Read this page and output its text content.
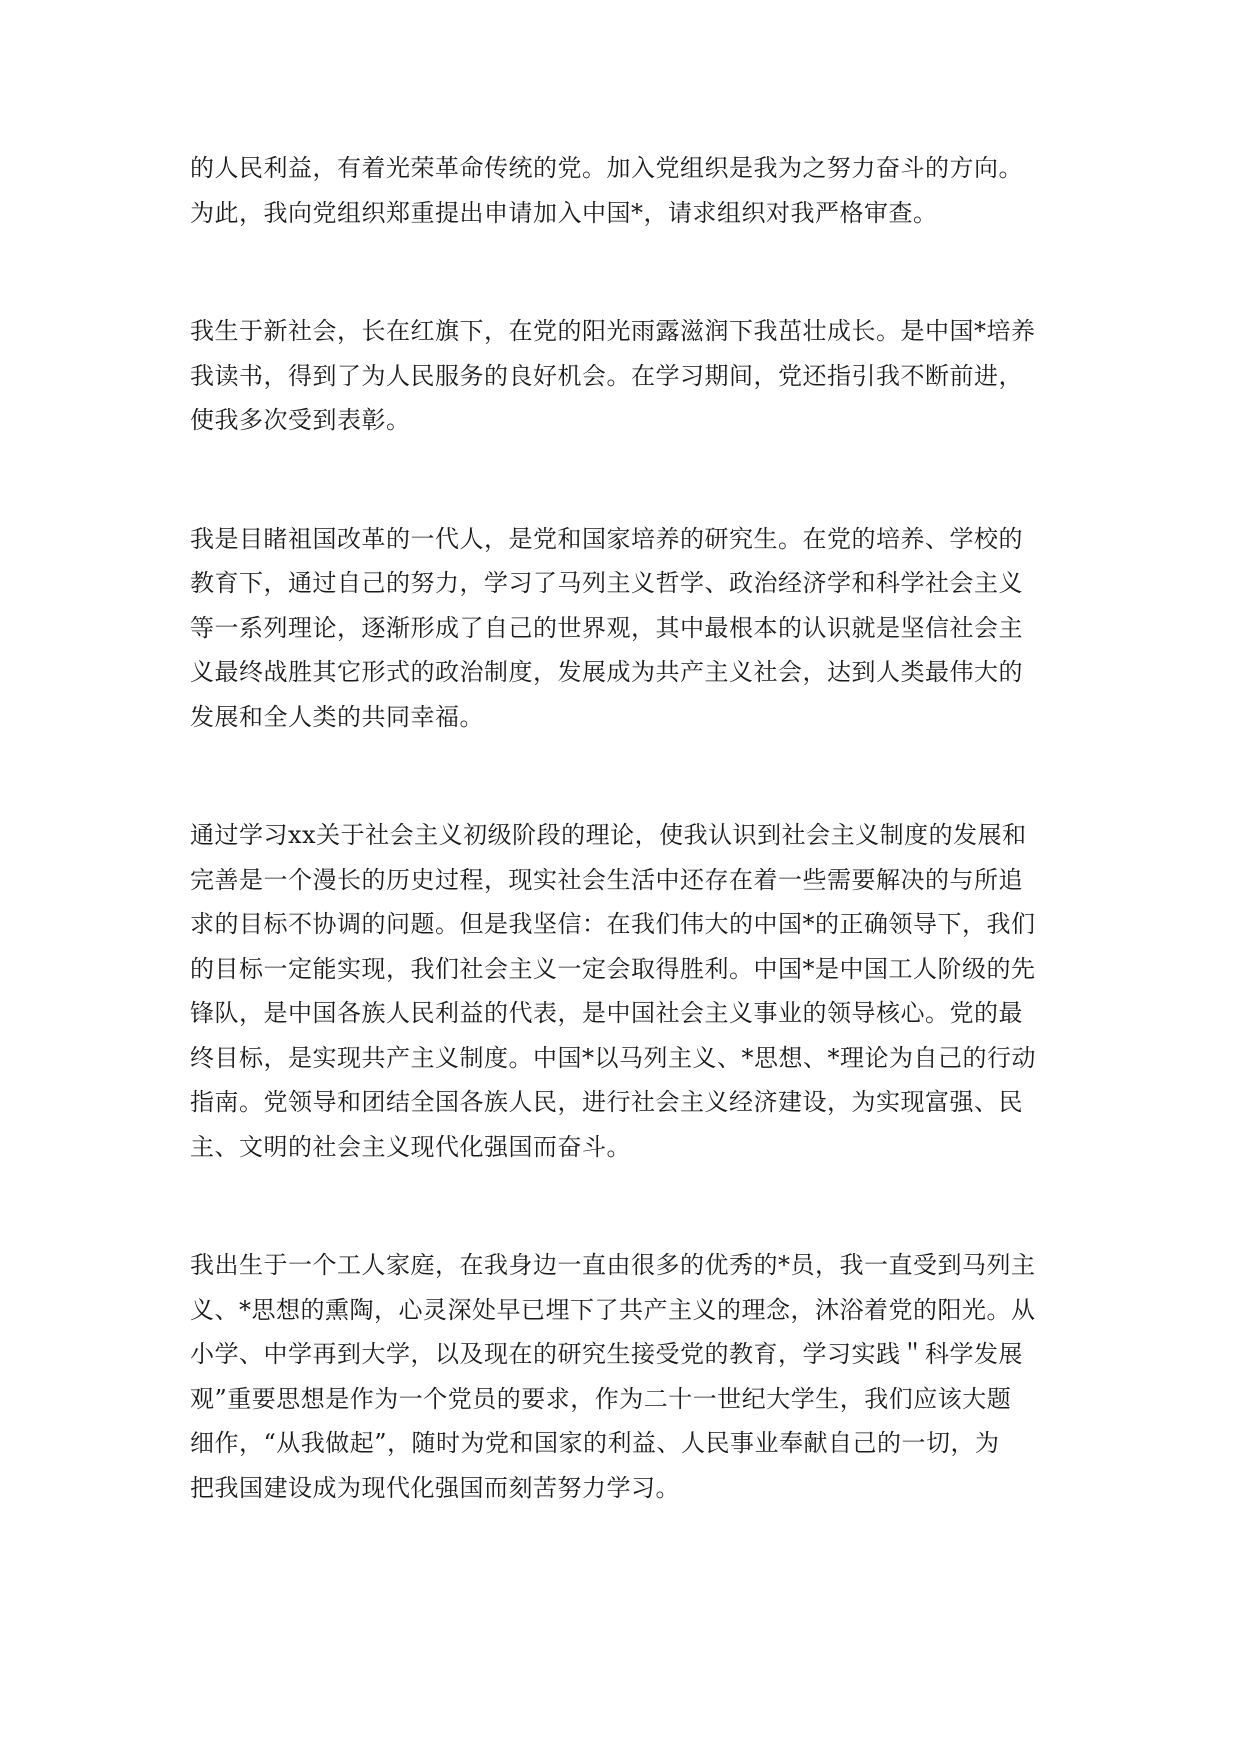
的人民利益，有着光荣革命传统的党。加入党组织是我为之努力奋斗的方向。
为此，我向党组织郑重提出申请加入中国*，请求组织对我严格审查。

我生于新社会，长在红旗下，在党的阳光雨露滋润下我茁壮成长。是中国*培养
我读书，得到了为人民服务的良好机会。在学习期间，党还指引我不断前进，
使我多次受到表彰。

我是目睹祖国改革的一代人，是党和国家培养的研究生。在党的培养、学校的
教育下，通过自己的努力，学习了马列主义哲学、政治经济学和科学社会主义
等一系列理论，逐渐形成了自己的世界观，其中最根本的认识就是坚信社会主
义最终战胜其它形式的政治制度，发展成为共产主义社会，达到人类最伟大的
发展和全人类的共同幸福。

通过学习xx关于社会主义初级阶段的理论，使我认识到社会主义制度的发展和
完善是一个漫长的历史过程，现实社会生活中还存在着一些需要解决的与所追
求的目标不协调的问题。但是我坚信：在我们伟大的中国*的正确领导下，我们
的目标一定能实现，我们社会主义一定会取得胜利。中国*是中国工人阶级的先
锋队，是中国各族人民利益的代表，是中国社会主义事业的领导核心。党的最
终目标，是实现共产主义制度。中国*以马列主义、*思想、*理论为自己的行动
指南。党领导和团结全国各族人民，进行社会主义经济建设，为实现富强、民
主、文明的社会主义现代化强国而奋斗。

我出生于一个工人家庭，在我身边一直由很多的优秀的*员，我一直受到马列主
义、*思想的熏陶，心灵深处早已埋下了共产主义的理念，沐浴着党的阳光。从
小学、中学再到大学，以及现在的研究生接受党的教育，学习实践＂科学发展
观”重要思想是作为一个党员的要求，作为二十一世纪大学生，我们应该大题
细作，“从我做起”，随时为党和国家的利益、人民事业奉献自己的一切，为
把我国建设成为现代化强国而刻苦努力学习。
